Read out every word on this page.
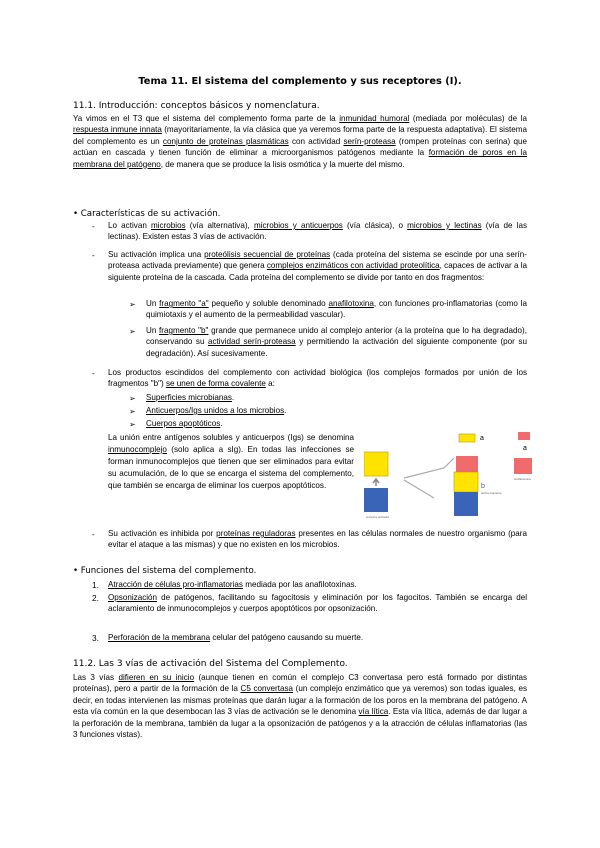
Tema 11. El sistema del complemento y sus receptores (I).
11.1. Introducción: conceptos básicos y nomenclatura.
Ya vimos en el T3 que el sistema del complemento forma parte de la inmunidad humoral (mediada por moléculas) de la respuesta inmune innata (mayoritariamente, la vía clásica que ya veremos forma parte de la respuesta adaptativa). El sistema del complemento es un conjunto de proteínas plasmáticas con actividad serín-proteasa (rompen proteínas con serina) que actúan en cascada y tienen función de eliminar a microorganismos patógenos mediante la formación de poros en la membrana del patógeno, de manera que se produce la lisis osmótica y la muerte del mismo.
• Características de su activación.
- Lo activan microbios (vía alternativa), microbios y anticuerpos (vía clásica), o microbios y lectinas (vía de las lectinas). Existen estas 3 vías de activación.
- Su activación implica una proteólisis secuencial de proteínas (cada proteína del sistema se escinde por una serín-proteasa activada previamente) que genera complejos enzimáticos con actividad proteolítica, capaces de activar a la siguiente proteína de la cascada. Cada proteína del complemento se divide por tanto en dos fragmentos:
➢ Un fragmento "a" pequeño y soluble denominado anafilotoxina, con funciones pro-inflamatorias (como la quimiotaxis y el aumento de la permeabilidad vascular).
➢ Un fragmento "b" grande que permanece unido al complejo anterior (a la proteína que lo ha degradado), conservando su actividad serín-proteasa y permitiendo la activación del siguiente componente (por su degradación). Así sucesivamente.
- Los productos escindidos del complemento con actividad biológica (los complejos formados por unión de los fragmentos "b") se unen de forma covalente a:
➢ Superficies microbianas.
➢ Anticuerpos/Igs unidos a los microbios.
➢ Cuerpos apoptóticos.
La unión entre antígenos solubles y anticuerpos (Igs) se denomina inmunocomplejo (solo aplica a sIg). En todas las infecciones se forman inmunocomplejos que tienen que ser eliminados para evitar su acumulación, de lo que se encarga el sistema del complemento, que también se encarga de eliminar los cuerpos apoptóticos.
a
proteína activada
b
activa siguiente
a
anafilotoxina
- Su activación es inhibida por proteínas reguladoras presentes en las células normales de nuestro organismo (para evitar el ataque a las mismas) y que no existen en los microbios.
• Funciones del sistema del complemento.
1. Atracción de células pro-inflamatorias mediada por las anafilotoxinas.
2. Opsonización de patógenos, facilitando su fagocitosis y eliminación por los fagocitos. También se encarga del aclaramiento de inmunocomplejos y cuerpos apoptóticos por opsonización.
3. Perforación de la membrana celular del patógeno causando su muerte.
11.2. Las 3 vías de activación del Sistema del Complemento.
Las 3 vías difieren en su inicio (aunque tienen en común el complejo C3 convertasa pero está formado por distintas proteínas), pero a partir de la formación de la C5 convertasa (un complejo enzimático que ya veremos) son todas iguales, es decir, en todas intervienen las mismas proteínas que darán lugar a la formación de los poros en la membrana del patógeno. A esta vía común en la que desembocan las 3 vías de activación se le denomina vía lítica. Esta vía lítica, además de dar lugar a la perforación de la membrana, también da lugar a la opsonización de patógenos y a la atracción de células inflamatorias (las 3 funciones vistas).
